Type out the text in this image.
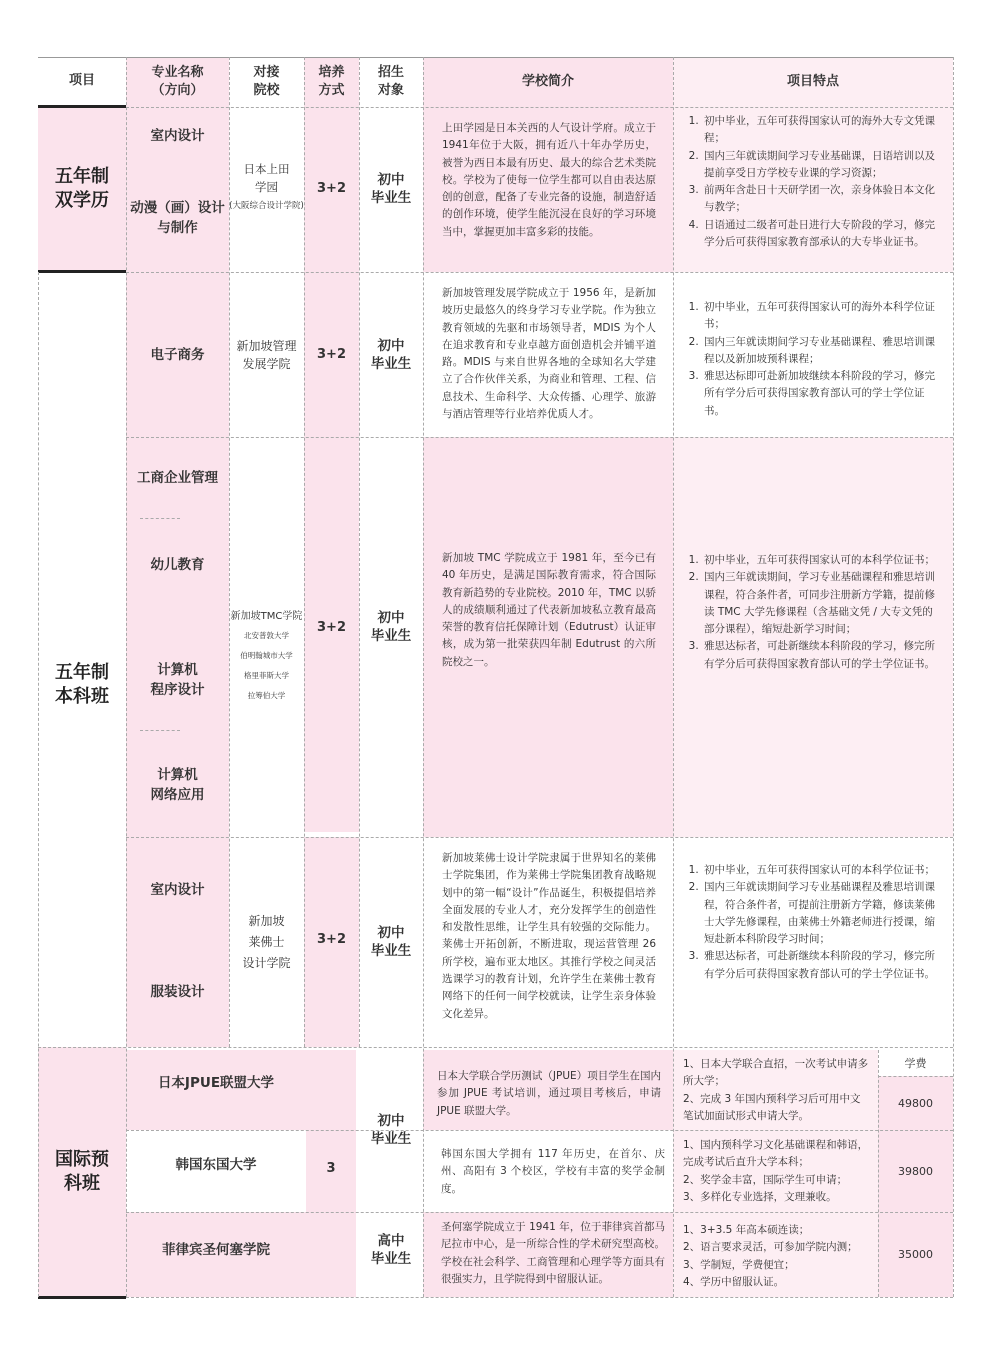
项目
专业名称
（方向）
对接
院校
培养
方式
招生
对象
学校简介	项目特点
五年制
双学历
五年制
本科班
国际预
科班
室内设计
动漫（画）设计
与制作
日本上田
学园
(大阪综合设计学院)
3+2
初中
毕业生
上田学园是日本关西的人气设计学府。成立于1941年位于大阪，拥有近八十年办学历史，被誉为西日本最有历史、最大的综合艺术类院校。学校为了使每一位学生都可以自由表达原创的创意，配备了专业完备的设施，制造舒适的创作环境，使学生能沉浸在良好的学习环境当中，掌握更加丰富多彩的技能。
1. 初中毕业，五年可获得国家认可的海外大专文凭课程；
2. 国内三年就读期间学习专业基础课，日语培训以及提前享受日方学校专业课的学习资源；
3. 前两年含赴日十天研学团一次，亲身体验日本文化与教学；
4. 日语通过二级者可赴日进行大专阶段的学习，修完学分后可获得国家教育部承认的大专毕业证书。
电子商务
新加坡管理
发展学院
3+2
初中
毕业生
新加坡管理发展学院成立于 1956 年，是新加坡历史最悠久的终身学习专业学院。作为独立教育领域的先驱和市场领导者，MDIS 为个人在追求教育和专业卓越方面创造机会并铺平道路。MDIS 与来自世界各地的全球知名大学建立了合作伙伴关系，为商业和管理、工程、信息技术、生命科学、大众传播、心理学、旅游与酒店管理等行业培养优质人才。
1. 初中毕业，五年可获得国家认可的海外本科学位证书；
2. 国内三年就读期间学习专业基础课程、雅思培训课程以及新加坡预科课程；
3. 雅思达标即可赴新加坡继续本科阶段的学习，修完所有学分后可获得国家教育部认可的学士学位证书。
工商企业管理
幼儿教育
计算机
程序设计
计算机
网络应用
新加坡TMC学院
北安普敦大学
伯明翰城市大学
格里菲斯大学
拉筹伯大学
3+2
初中
毕业生
新加坡 TMC 学院成立于 1981 年，至今已有 40 年历史，是满足国际教育需求，符合国际教育新趋势的专业院校。2010 年，TMC 以骄人的成绩顺利通过了代表新加坡私立教育最高荣誉的教育信托保障计划（Edutrust）认证审核，成为第一批荣获四年制 Edutrust 的六所院校之一。
1. 初中毕业，五年可获得国家认可的本科学位证书；
2. 国内三年就读期间，学习专业基础课程和雅思培训课程，符合条件者，可同步注册新方学籍，提前修读 TMC 大学先修课程（含基础文凭 / 大专文凭的部分课程），缩短赴新学习时间；
3. 雅思达标者，可赴新继续本科阶段的学习，修完所有学分后可获得国家教育部认可的学士学位证书。
室内设计
服装设计
新加坡
莱佛士
设计学院
3+2	初中
毕业生
新加坡莱佛士设计学院隶属于世界知名的莱佛士学院集团，作为莱佛士学院集团教育战略规划中的第一幅“设计”作品诞生，积极提倡培养全面发展的专业人才，充分发挥学生的创造性和发散性思维，让学生具有较强的交际能力。莱佛士开拓创新，不断进取，现运营管理 26 所学校，遍布亚太地区。其推行学校之间灵活选课学习的教育计划，允许学生在莱佛士教育网络下的任何一间学校就读，让学生亲身体验文化差异。
1. 初中毕业，五年可获得国家认可的本科学位证书；
2. 国内三年就读期间学习专业基础课程及雅思培训课程，符合条件者，可提前注册新方学籍，修读莱佛士大学先修课程，由莱佛士外籍老师进行授课，缩短赴新本科阶段学习时间；
3. 雅思达标者，可赴新继续本科阶段的学习，修完所有学分后可获得国家教育部认可的学士学位证书。
日本JPUE联盟大学
韩国东国大学
菲律宾圣何塞学院
3
初中
毕业生
高中
毕业生
日本大学联合学历测试（JPUE）项目学生在国内参加 JPUE 考试培训，通过项目考核后，申请 JPUE 联盟大学。
韩国东国大学拥有 117 年历史，在首尔、庆州、高阳有 3 个校区，学校有丰富的奖学金制度。
圣何塞学院成立于 1941 年，位于菲律宾首都马尼拉市中心，是一所综合性的学术研究型高校。学校在社会科学、工商管理和心理学等方面具有很强实力，且学院得到中留服认证。
1、日本大学联合直招，一次考试申请多所大学；
2、完成 3 年国内预科学习后可用中文笔试加面试形式申请大学。
1、国内预科学习文化基础课程和韩语，完成考试后直升大学本科；
2、奖学金丰富，国际学生可申请；
3、多样化专业选择，文理兼收。
1、3+3.5 年高本硕连读；
2、语言要求灵活，可参加学院内测；
3、学制短，学费便宜；
4、学历中留服认证。
学费
49800
39800
35000
